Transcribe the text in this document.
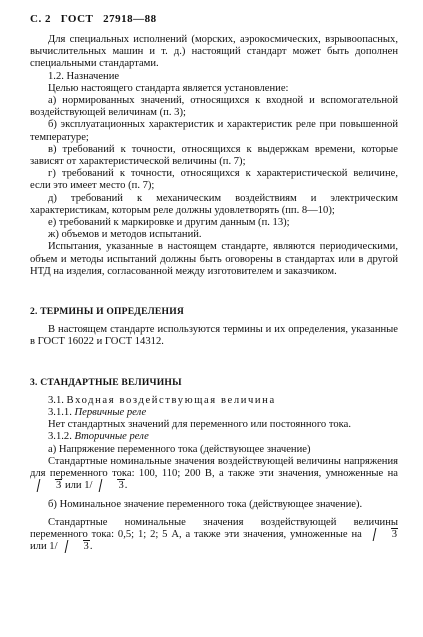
С. 2 ГОСТ 27918—88

Для специальных исполнений (морских, аэрокосмических, взрывоопасных, вычислительных машин и т. д.) настоящий стандарт может быть дополнен специальными стандартами.

1.2. Назначение

Целью настоящего стандарта является установление:

а) нормированных значений, относящихся к входной и вспомогательной воздействующей величинам (п. 3);

б) эксплуатационных характеристик и характеристик реле при повышенной температуре;

в) требований к точности, относящихся к выдержкам времени, которые зависят от характеристической величины (п. 7);

г) требований к точности, относящихся к характеристической величине, если это имеет место (п. 7);

д) требований к механическим воздействиям и электрическим характеристикам, которым реле должны удовлетворять (пп. 8—10);

е) требований к маркировке и другим данным (п. 13);

ж) объемов и методов испытаний.

Испытания, указанные в настоящем стандарте, являются периодическими, объем и методы испытаний должны быть оговорены в стандартах или в другой НТД на изделия, согласованной между изготовителем и заказчиком.

2. ТЕРМИНЫ И ОПРЕДЕЛЕНИЯ

В настоящем стандарте используются термины и их определения, указанные в ГОСТ 16022 и ГОСТ 14312.

3. СТАНДАРТНЫЕ ВЕЛИЧИНЫ

3.1. Входная воздействующая величина

3.1.1. Первичные реле

Нет стандартных значений для переменного или постоянного тока.

3.1.2. Вторичные реле

а) Напряжение переменного тока (действующее значение)

Стандартные номинальные значения воздействующей величины напряжения для переменного тока: 100, 110; 200 В, а также эти значения, умноженные на 3 или 1/ 3.

б) Номинальное значение переменного тока (действующее значение).

Стандартные номинальные значения воздействующей величины переменного тока: 0,5; 1; 2; 5 А, а также эти значения, умноженные на	3 или 1/ 3.
